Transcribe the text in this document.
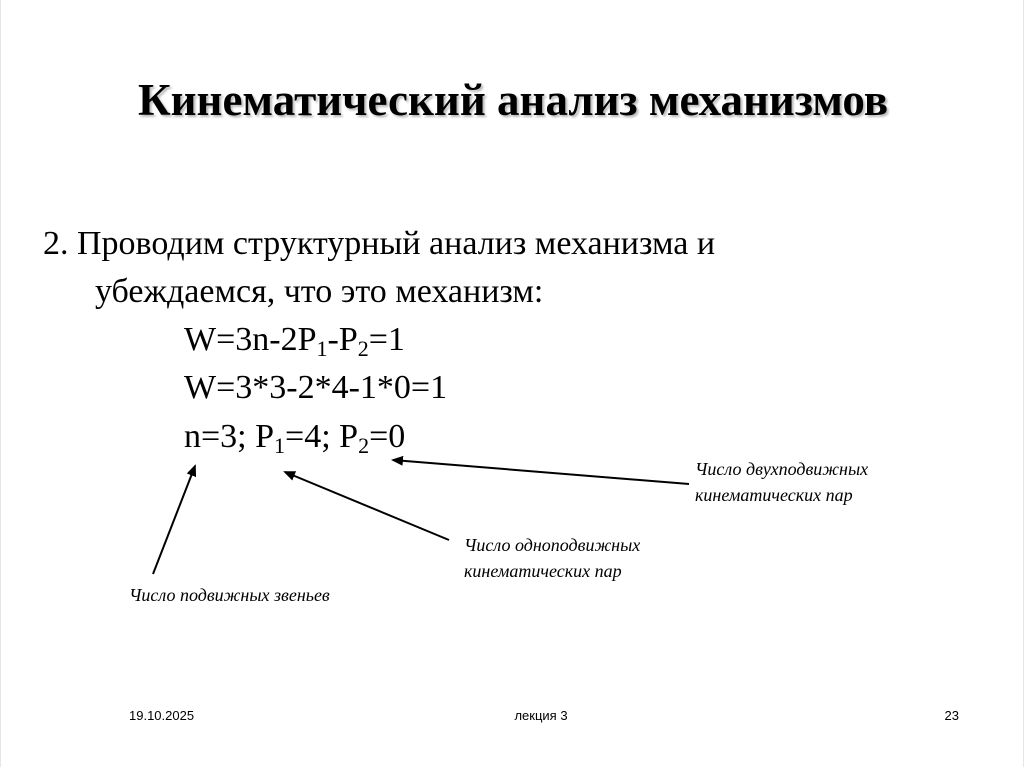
Кинематический анализ механизмов
2. Проводим структурный анализ механизма и
убеждаемся, что это механизм:
$W=3n-2P_1-P_2=1$
W=3*3-2*4-1*0=1
n=3; $P_1=4$; $P_2=0$
Число двухподвижных
кинематических пар
Число одноподвижных
кинематических пар
Число подвижных звеньев
19.10.2025	лекция 3	23
